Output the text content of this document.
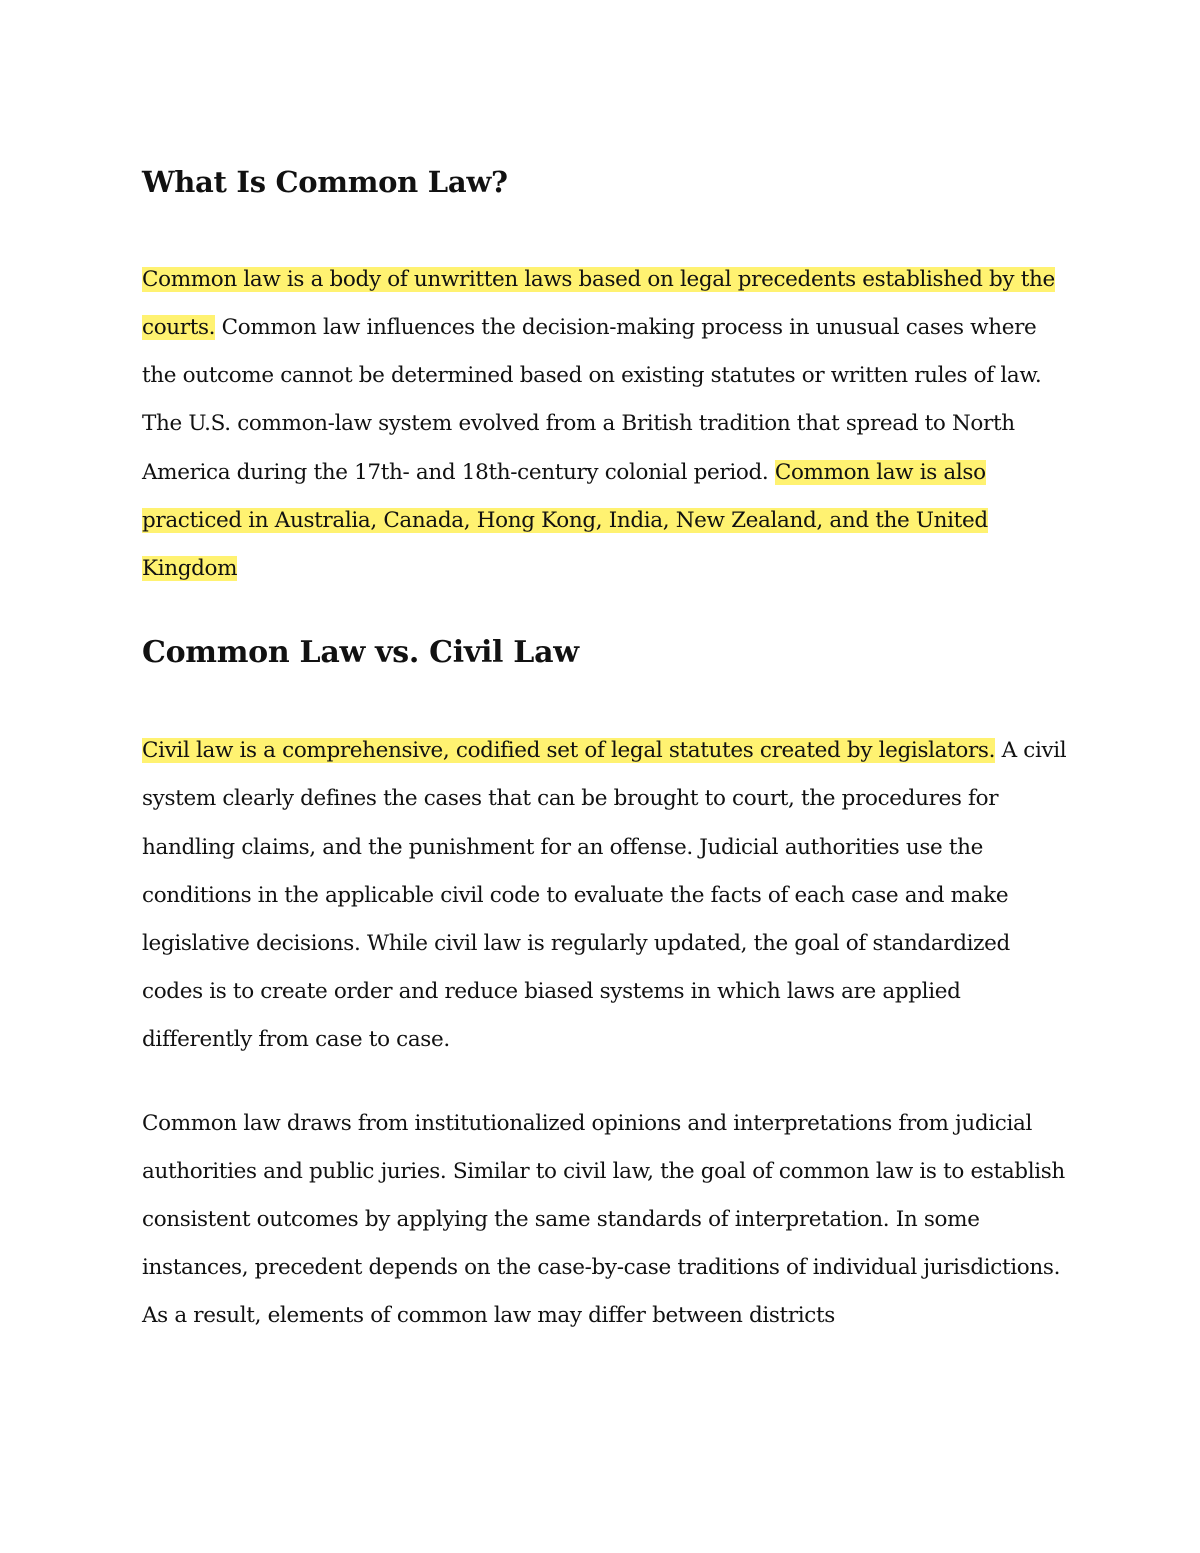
What Is Common Law?

Common law is a body of unwritten laws based on legal precedents established by the courts. Common law influences the decision-making process in unusual cases where the outcome cannot be determined based on existing statutes or written rules of law. The U.S. common-law system evolved from a British tradition that spread to North America during the 17th- and 18th-century colonial period. Common law is also practiced in Australia, Canada, Hong Kong, India, New Zealand, and the United Kingdom

Common Law vs. Civil Law

Civil law is a comprehensive, codified set of legal statutes created by legislators. A civil system clearly defines the cases that can be brought to court, the procedures for handling claims, and the punishment for an offense. Judicial authorities use the conditions in the applicable civil code to evaluate the facts of each case and make legislative decisions. While civil law is regularly updated, the goal of standardized codes is to create order and reduce biased systems in which laws are applied differently from case to case.

Common law draws from institutionalized opinions and interpretations from judicial authorities and public juries. Similar to civil law, the goal of common law is to establish consistent outcomes by applying the same standards of interpretation. In some instances, precedent depends on the case-by-case traditions of individual jurisdictions. As a result, elements of common law may differ between districts
